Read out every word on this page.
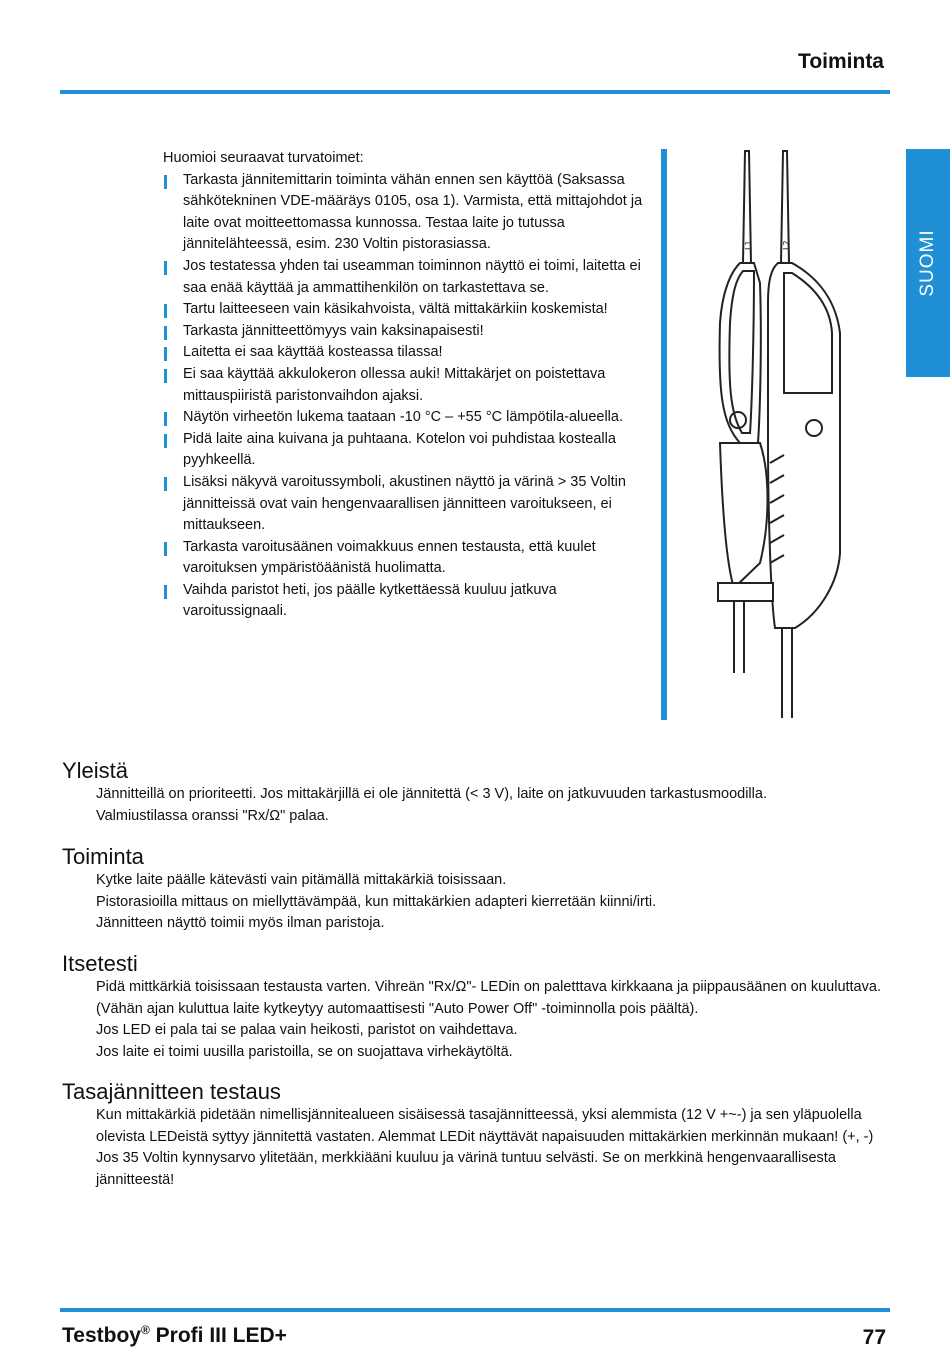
Toiminta
SUOMI
Huomioi seuraavat turvatoimet:
Tarkasta jännitemittarin toiminta vähän ennen sen käyttöä (Saksassa sähkötekninen VDE-määräys 0105, osa 1). Varmista, että mittajohdot ja laite ovat moitteettomassa kunnossa. Testaa laite jo tutussa jännitelähteessä, esim. 230 Voltin pistorasiassa.
Jos testatessa yhden tai useamman toiminnon näyttö ei toimi, laitetta ei saa enää käyttää ja ammattihenkilön on tarkastettava se.
Tartu laitteeseen vain käsikahvoista, vältä mittakärkiin koskemista!
Tarkasta jännitteettömyys vain kaksinapaisesti!
Laitetta ei saa käyttää kosteassa tilassa!
Ei saa käyttää akkulokeron ollessa auki! Mittakärjet on poistettava mittauspiiristä paristonvaihdon ajaksi.
Näytön virheetön lukema taataan -10 °C – +55 °C lämpötila-alueella.
Pidä laite aina kuivana ja puhtaana. Kotelon voi puhdistaa kostealla pyyhkeellä.
Lisäksi näkyvä varoitussymboli, akustinen näyttö ja värinä > 35 Voltin jännitteissä ovat vain hengenvaarallisen jännitteen varoitukseen, ei mittaukseen.
Tarkasta varoitusäänen voimakkuus ennen testausta, että kuulet varoituksen ympäristöäänistä huolimatta.
Vaihda paristot heti, jos päälle kytkettäessä kuuluu jatkuva varoitussignaali.
L1	L2
Yleistä

Jännitteillä on prioriteetti. Jos mittakärjillä ei ole jännitettä (< 3 V), laite on jatkuvuuden tarkastusmoodilla.

Valmiustilassa oranssi "Rx/Ω" palaa.

Toiminta

Kytke laite päälle kätevästi vain pitämällä mittakärkiä toisissaan.

Pistorasioilla mittaus on miellyttävämpää, kun mittakärkien adapteri kierretään kiinni/irti.

Jännitteen näyttö toimii myös ilman paristoja.

Itsetesti

Pidä mittkärkiä toisissaan testausta varten. Vihreän "Rx/Ω"- LEDin on paletttava kirkkaana ja piippausäänen on kuuluttava. (Vähän ajan kuluttua laite kytkeytyy automaattisesti "Auto Power Off" -toiminnolla pois päältä).

Jos LED ei pala tai se palaa vain heikosti, paristot on vaihdettava.

Jos laite ei toimi uusilla paristoilla, se on suojattava virhekäytöltä.

Tasajännitteen testaus

Kun mittakärkiä pidetään nimellisjännitealueen sisäisessä tasajännitteessä, yksi alemmista (12 V +~-) ja sen yläpuolella olevista LEDeistä syttyy jännitettä vastaten. Alemmat LEDit näyttävät napaisuuden mittakärkien merkinnän mukaan! (+, -)

Jos 35 Voltin kynnysarvo ylitetään, merkkiääni kuuluu ja värinä tuntuu selvästi. Se on merkkinä hengenvaarallisesta jännitteestä!

Testboy® Profi III LED+	77
